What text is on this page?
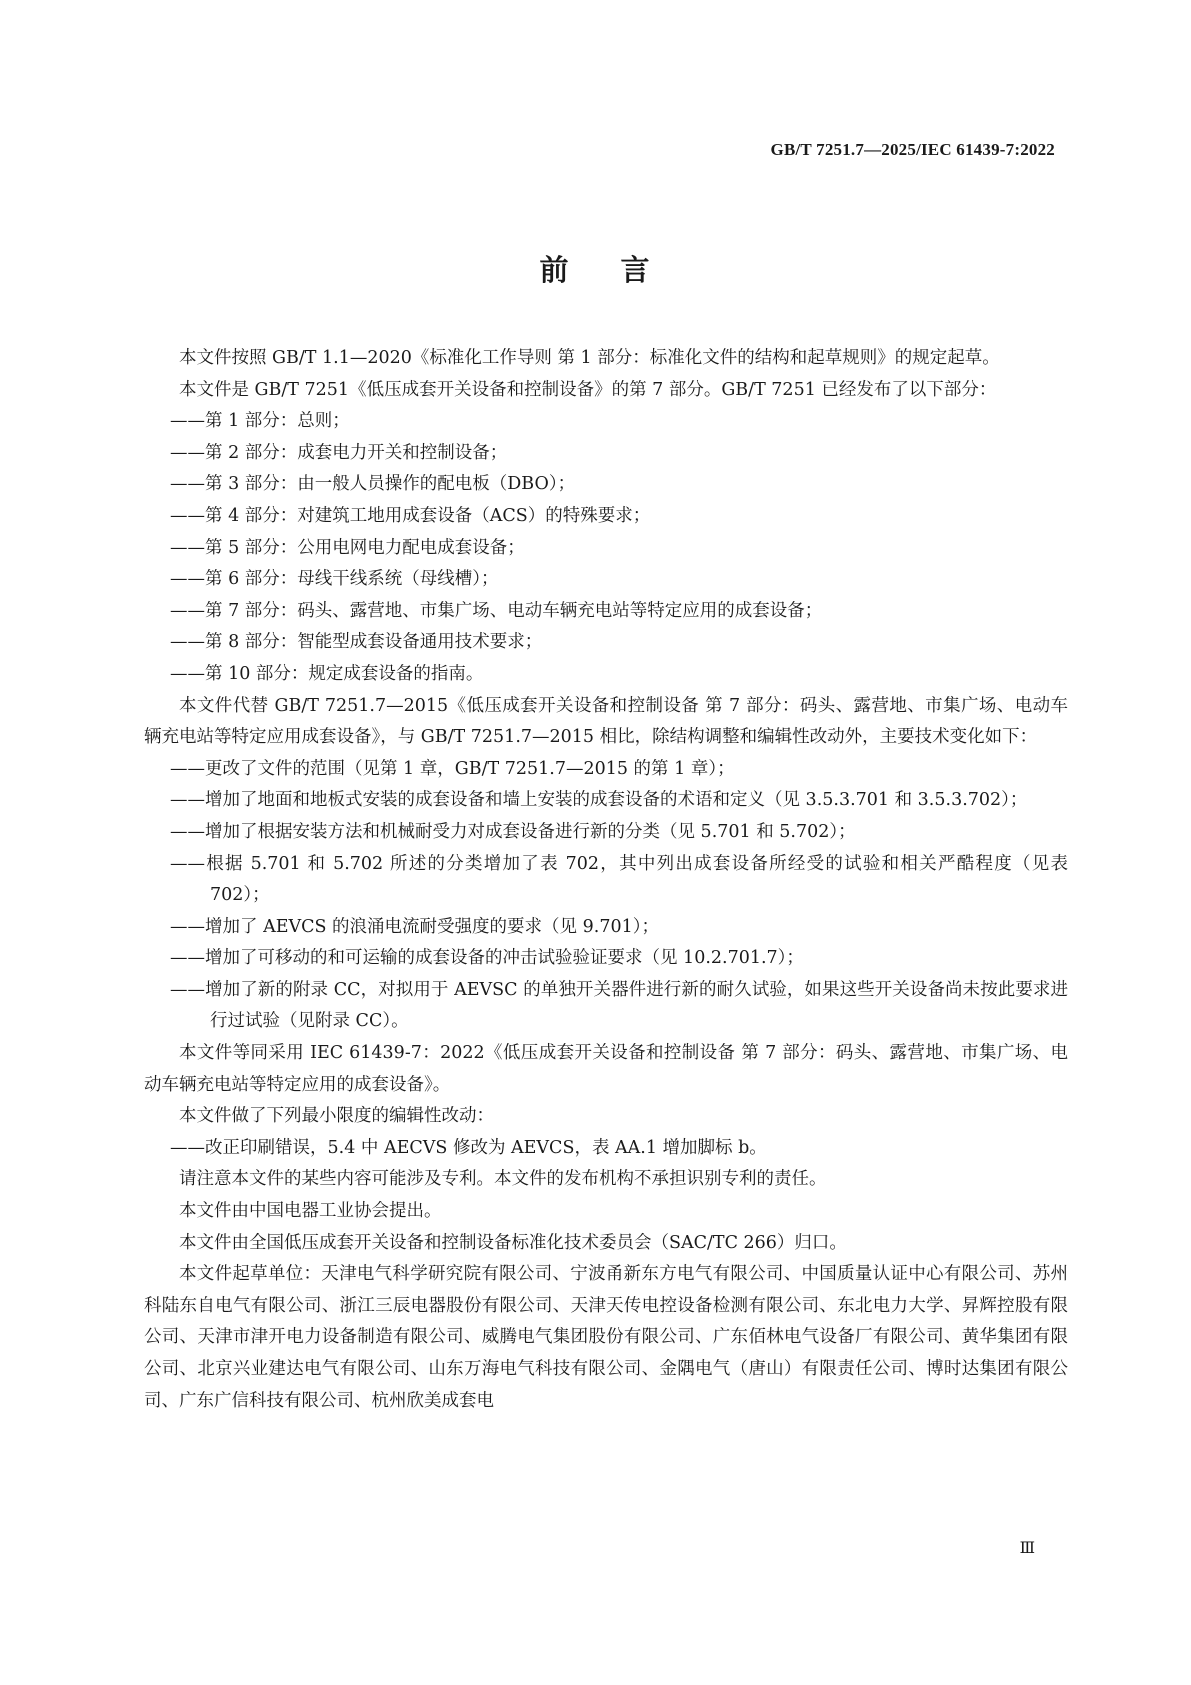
GB/T 7251.7—2025/IEC 61439-7:2022
前 言

本文件按照 GB/T 1.1—2020《标准化工作导则 第 1 部分：标准化文件的结构和起草规则》的规定起草。

本文件是 GB/T 7251《低压成套开关设备和控制设备》的第 7 部分。GB/T 7251 已经发布了以下部分：

——第 1 部分：总则；

——第 2 部分：成套电力开关和控制设备；

——第 3 部分：由一般人员操作的配电板（DBO）；

——第 4 部分：对建筑工地用成套设备（ACS）的特殊要求；

——第 5 部分：公用电网电力配电成套设备；

——第 6 部分：母线干线系统（母线槽）；

——第 7 部分：码头、露营地、市集广场、电动车辆充电站等特定应用的成套设备；

——第 8 部分：智能型成套设备通用技术要求；

——第 10 部分：规定成套设备的指南。

本文件代替 GB/T 7251.7—2015《低压成套开关设备和控制设备 第 7 部分：码头、露营地、市集广场、电动车辆充电站等特定应用成套设备》，与 GB/T 7251.7—2015 相比，除结构调整和编辑性改动外，主要技术变化如下：

——更改了文件的范围（见第 1 章，GB/T 7251.7—2015 的第 1 章）；

——增加了地面和地板式安装的成套设备和墙上安装的成套设备的术语和定义（见 3.5.3.701 和 3.5.3.702）；

——增加了根据安装方法和机械耐受力对成套设备进行新的分类（见 5.701 和 5.702）；

——根据 5.701 和 5.702 所述的分类增加了表 702，其中列出成套设备所经受的试验和相关严酷程度（见表 702）；

——增加了 AEVCS 的浪涌电流耐受强度的要求（见 9.701）；

——增加了可移动的和可运输的成套设备的冲击试验验证要求（见 10.2.701.7）；

——增加了新的附录 CC，对拟用于 AEVSC 的单独开关器件进行新的耐久试验，如果这些开关设备尚未按此要求进行过试验（见附录 CC）。

本文件等同采用 IEC 61439-7：2022《低压成套开关设备和控制设备 第 7 部分：码头、露营地、市集广场、电动车辆充电站等特定应用的成套设备》。

本文件做了下列最小限度的编辑性改动：

——改正印刷错误，5.4 中 AECVS 修改为 AEVCS，表 AA.1 增加脚标 b。

请注意本文件的某些内容可能涉及专利。本文件的发布机构不承担识别专利的责任。

本文件由中国电器工业协会提出。

本文件由全国低压成套开关设备和控制设备标准化技术委员会（SAC/TC 266）归口。

本文件起草单位：天津电气科学研究院有限公司、宁波甬新东方电气有限公司、中国质量认证中心有限公司、苏州科陆东自电气有限公司、浙江三辰电器股份有限公司、天津天传电控设备检测有限公司、东北电力大学、昇辉控股有限公司、天津市津开电力设备制造有限公司、威腾电气集团股份有限公司、广东佰林电气设备厂有限公司、黄华集团有限公司、北京兴业建达电气有限公司、山东万海电气科技有限公司、金隅电气（唐山）有限责任公司、博时达集团有限公司、广东广信科技有限公司、杭州欣美成套电

Ⅲ
